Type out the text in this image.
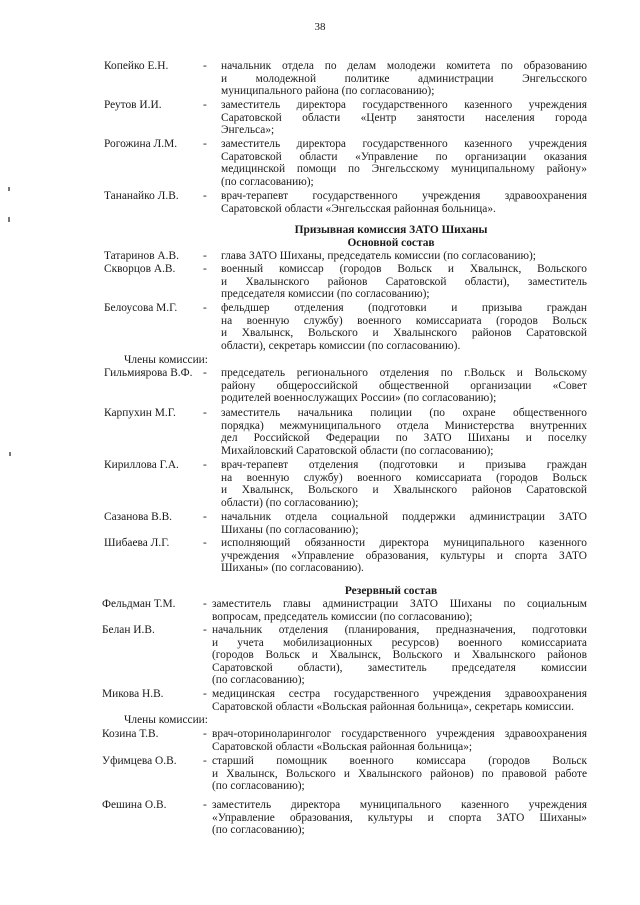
38
Копейко Е.Н.	- начальник отдела по делам молодежи комитета по образованию
и молодежной политике администрации Энгельсского
муниципального района (по согласованию);
Реутов И.И.	- заместитель директора государственного казенного учреждения
Саратовской области «Центр занятости населения города
Энгельса»;
Рогожина Л.М. - заместитель директора государственного казенного учреждения
Саратовской области «Управление по организации оказания
медицинской помощи по Энгельсскому муниципальному району»
(по согласованию);
Тананайко Л.В. - врач-терапевт государственного учреждения здравоохранения
Саратовской области «Энгельсская районная больница».
Призывная комиссия ЗАТО Шиханы
Основной состав
Татаринов А.В. - глава ЗАТО Шиханы, председатель комиссии (по согласованию);
Скворцов А.В. - военный комиссар (городов Вольск и Хвалынск, Вольского
и Хвалынского районов Саратовской области), заместитель
председателя комиссии (по согласованию);
Белоусова М.Г. - фельдшер отделения (подготовки и призыва граждан
на военную службу) военного комиссариата (городов Вольск
и Хвалынск, Вольского и Хвалынского районов Саратовской
области), секретарь комиссии (по согласованию).
Члены комиссии:
Гильмиярова В.Ф. - председатель регионального отделения по г.Вольск и Вольскому
району общероссийской общественной организации «Совет
родителей военнослужащих России» (по согласованию);
Карпухин М.Г. - заместитель начальника полиции (по охране общественного
порядка) межмуниципального отдела Министерства внутренних
дел Российской Федерации по ЗАТО Шиханы и поселку
Михайловский Саратовской области (по согласованию);
Кириллова Г.А. - врач-терапевт отделения (подготовки и призыва граждан
на военную службу) военного комиссариата (городов Вольск
и Хвалынск, Вольского и Хвалынского районов Саратовской
области) (по согласованию);
Сазанова В.В.	- начальник отдела социальной поддержки администрации ЗАТО
Шиханы (по согласованию);
Шибаева Л.Г.	- исполняющий обязанности директора муниципального казенного
учреждения «Управление образования, культуры и спорта ЗАТО
Шиханы» (по согласованию).
Резервный состав
Фельдман Т.М. - заместитель главы администрации ЗАТО Шиханы по социальным
вопросам, председатель комиссии (по согласованию);
Белан И.В.	- начальник отделения (планирования, предназначения, подготовки
и учета мобилизационных ресурсов) военного комиссариата
(городов Вольск и Хвалынск, Вольского и Хвалынского районов
Саратовской области), заместитель председателя комиссии
(по согласованию);
Микова Н.В.	- медицинская сестра государственного учреждения здравоохранения
Саратовской области «Вольская районная больница», секретарь комиссии.
Члены комиссии:
Козина Т.В.	- врач-оториноларинголог государственного учреждения здравоохранения
Саратовской области «Вольская районная больница»;
Уфимцева О.В. - старший помощник военного комиссара (городов Вольск
и Хвалынск, Вольского и Хвалынского районов) по правовой работе
(по согласованию);
Фешина О.В.	- заместитель директора муниципального казенного учреждения
«Управление образования, культуры и спорта ЗАТО Шиханы»
(по согласованию);
